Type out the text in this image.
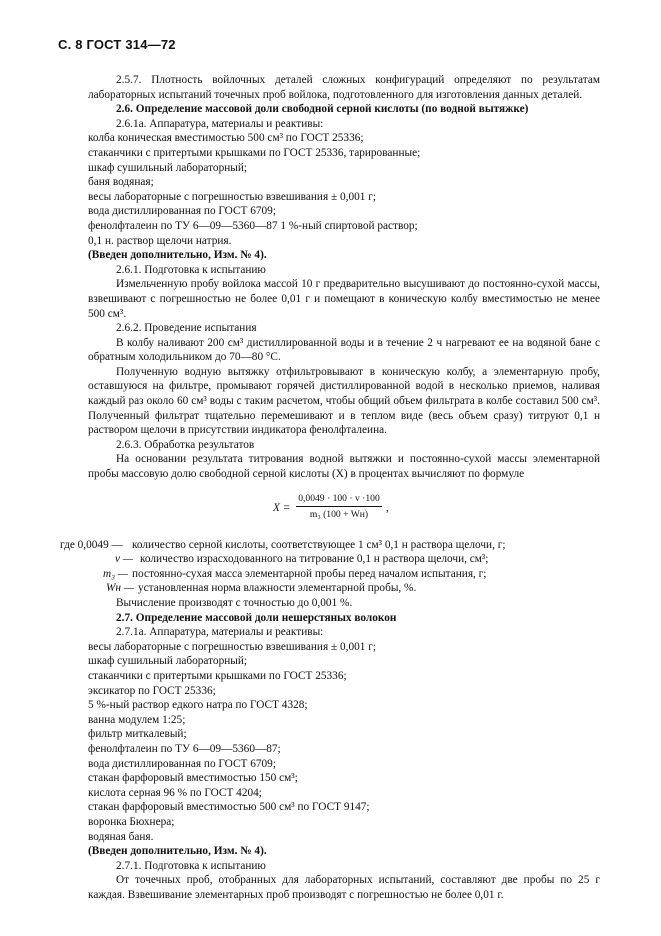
С. 8 ГОСТ 314—72

2.5.7. Плотность войлочных деталей сложных конфигураций определяют по результатам лабораторных испытаний точечных проб войлока, подготовленного для изготовления данных деталей.

2.6. Определение массовой доли свободной серной кислоты (по водной вытяжке)

2.6.1а. Аппаратура, материалы и реактивы:

колба коническая вместимостью 500 см³ по ГОСТ 25336;

стаканчики с притертыми крышками по ГОСТ 25336, тарированные;

шкаф сушильный лабораторный;

баня водяная;

весы лабораторные с погрешностью взвешивания ± 0,001 г;

вода дистиллированная по ГОСТ 6709;

фенолфталеин по ТУ 6—09—5360—87 1 %-ный спиртовой раствор;

0,1 н. раствор щелочи натрия.

(Введен дополнительно, Изм. № 4).

2.6.1. Подготовка к испытанию

Измельченную пробу войлока массой 10 г предварительно высушивают до постоянно-сухой массы, взвешивают с погрешностью не более 0,01 г и помещают в коническую колбу вместимостью не менее 500 см³.

2.6.2. Проведение испытания

В колбу наливают 200 см³ дистиллированной воды и в течение 2 ч нагревают ее на водяной бане с обратным холодильником до 70—80 °С.

Полученную водную вытяжку отфильтровывают в коническую колбу, а элементарную пробу, оставшуюся на фильтре, промывают горячей дистиллированной водой в несколько приемов, наливая каждый раз около 60 см³ воды с таким расчетом, чтобы общий объем фильтрата в колбе составил 500 см³. Полученный фильтрат тщательно перемешивают и в теплом виде (весь объем сразу) титруют 0,1 н раствором щелочи в присутствии индикатора фенолфталеина.

2.6.3. Обработка результатов

На основании результата титрования водной вытяжки и постоянно-сухой массы элементарной пробы массовую долю свободной серной кислоты (X) в процентах вычисляют по формуле

X =
0,0049 · 100 · v ·100
m₃ (100 + Wн)
,
где 0,0049 — количество серной кислоты, соответствующее 1 см³ 0,1 н раствора щелочи, г;
v — количество израсходованного на титрование 0,1 н раствора щелочи, см³;
m₃ — постоянно-сухая масса элементарной пробы перед началом испытания, г;
Wн — установленная норма влажности элементарной пробы, %.

Вычисление производят с точностью до 0,001 %.

2.7. Определение массовой доли нешерстяных волокон

2.7.1а. Аппаратура, материалы и реактивы:

весы лабораторные с погрешностью взвешивания ± 0,001 г;

шкаф сушильный лабораторный;

стаканчики с притертыми крышками по ГОСТ 25336;

эксикатор по ГОСТ 25336;

5 %-ный раствор едкого натра по ГОСТ 4328;

ванна модулем 1:25;

фильтр миткалевый;

фенолфталеин по ТУ 6—09—5360—87;

вода дистиллированная по ГОСТ 6709;

стакан фарфоровый вместимостью 150 см³;

кислота серная 96 % по ГОСТ 4204;

стакан фарфоровый вместимостью 500 см³ по ГОСТ 9147;

воронка Бюхнера;

водяная баня.

(Введен дополнительно, Изм. № 4).

2.7.1. Подготовка к испытанию

От точечных проб, отобранных для лабораторных испытаний, составляют две пробы по 25 г каждая. Взвешивание элементарных проб производят с погрешностью не более 0,01 г.
